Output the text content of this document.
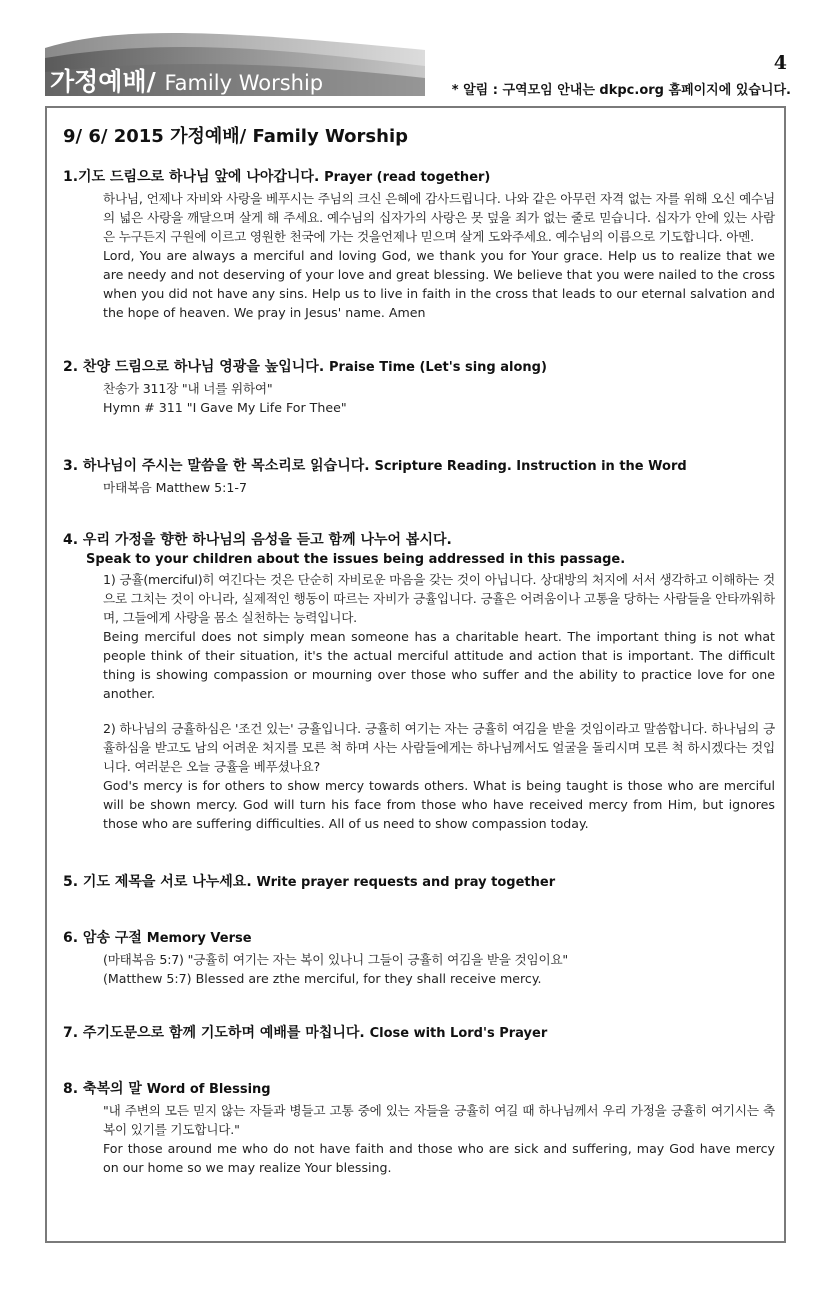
가정예배/ Family Worship
4
* 알림 : 구역모임 안내는 dkpc.org 홈페이지에 있습니다.
9/ 6/ 2015 가정예배/ Family Worship
1.기도 드림으로 하나님 앞에 나아갑니다. Prayer (read together)

하나님, 언제나 자비와 사랑을 베푸시는 주님의 크신 은혜에 감사드립니다. 나와 같은 아무런 자격 없는 자를 위해 오신 예수님의 넓은 사랑을 깨달으며 살게 해 주세요. 예수님의 십자가의 사랑은 못 덮을 죄가 없는 줄로 믿습니다. 십자가 안에 있는 사람은 누구든지 구원에 이르고 영원한 천국에 가는 것을언제나 믿으며 살게 도와주세요. 예수님의 이름으로 기도합니다. 아멘.

Lord, You are always a merciful and loving God, we thank you for Your grace. Help us to realize that we are needy and not deserving of your love and great blessing. We believe that you were nailed to the cross when you did not have any sins. Help us to live in faith in the cross that leads to our eternal salvation and the hope of heaven. We pray in Jesus' name. Amen

2. 찬양 드림으로 하나님 영광을 높입니다. Praise Time (Let's sing along)

찬송가 311장 "내 너를 위하여"

Hymn # 311 "I Gave My Life For Thee"

3. 하나님이 주시는 말씀을 한 목소리로 읽습니다. Scripture Reading. Instruction in the Word

마태복음 Matthew 5:1-7

4. 우리 가정을 향한 하나님의 음성을 듣고 함께 나누어 봅시다.
Speak to your children about the issues being addressed in this passage.

1) 긍휼(merciful)히 여긴다는 것은 단순히 자비로운 마음을 갖는 것이 아닙니다. 상대방의 처지에 서서 생각하고 이해하는 것으로 그치는 것이 아니라, 실제적인 행동이 따르는 자비가 긍휼입니다. 긍휼은 어려움이나 고통을 당하는 사람들을 안타까워하며, 그들에게 사랑을 몸소 실천하는 능력입니다.

Being merciful does not simply mean someone has a charitable heart. The important thing is not what people think of their situation, it's the actual merciful attitude and action that is important. The difficult thing is showing compassion or mourning over those who suffer and the ability to practice love for one another.

2) 하나님의 긍휼하심은 '조건 있는' 긍휼입니다. 긍휼히 여기는 자는 긍휼히 여김을 받을 것임이라고 말씀합니다. 하나님의 긍휼하심을 받고도 남의 어려운 처지를 모른 척 하며 사는 사람들에게는 하나님께서도 얼굴을 돌리시며 모른 척 하시겠다는 것입니다. 여러분은 오늘 긍휼을 베푸셨나요?

God's mercy is for others to show mercy towards others. What is being taught is those who are merciful will be shown mercy. God will turn his face from those who have received mercy from Him, but ignores those who are suffering difficulties. All of us need to show compassion today.

5. 기도 제목을 서로 나누세요. Write prayer requests and pray together
6. 암송 구절 Memory Verse

(마태복음 5:7) "긍휼히 여기는 자는 복이 있나니 그들이 긍휼히 여김을 받을 것임이요"

(Matthew 5:7) Blessed are zthe merciful, for they shall receive mercy.

7. 주기도문으로 함께 기도하며 예배를 마칩니다. Close with Lord's Prayer
8. 축복의 말 Word of Blessing

"내 주변의 모든 믿지 않는 자들과 병들고 고통 중에 있는 자들을 긍휼히 여길 때 하나님께서 우리 가정을 긍휼히 여기시는 축복이 있기를 기도합니다."

For those around me who do not have faith and those who are sick and suffering, may God have mercy on our home so we may realize Your blessing.
